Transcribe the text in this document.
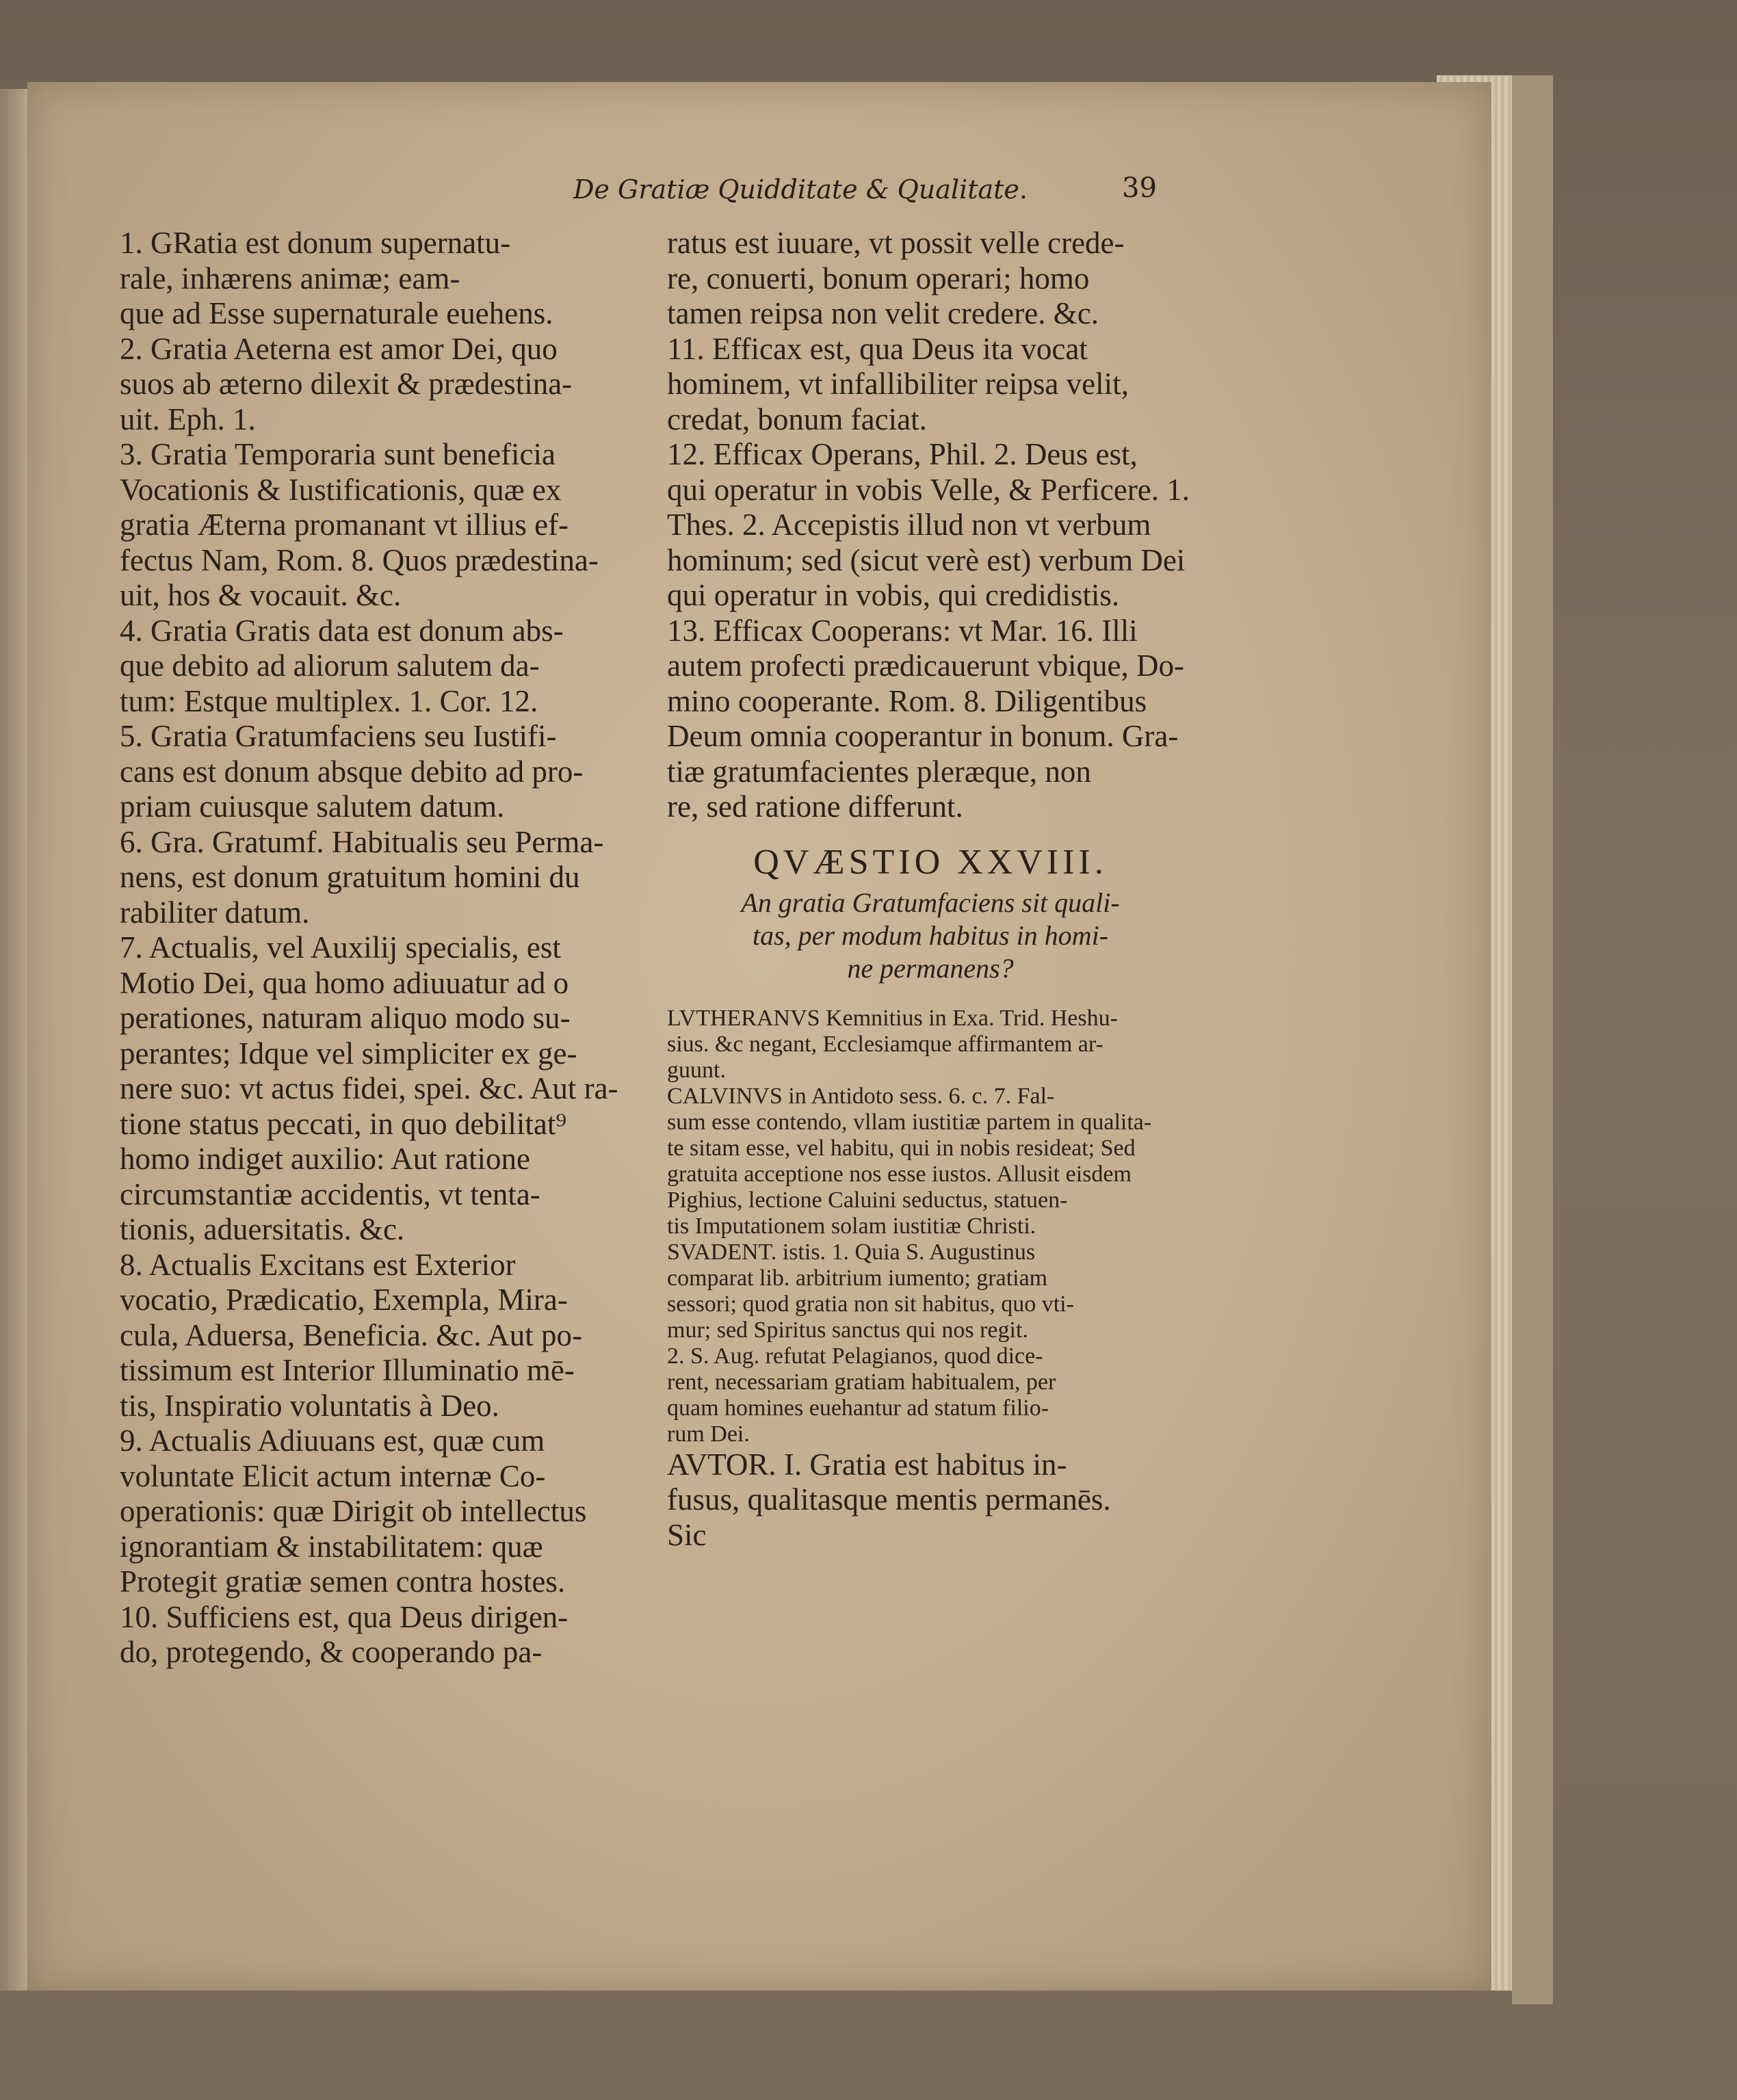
De Gratiæ Quidditate & Qualitate.	39
1. GRatia est donum supernatu-
rale, inhærens animæ; eam-
que ad Esse supernaturale euehens.
2. Gratia Aeterna est amor Dei, quo
suos ab æterno dilexit & prædestina-
uit. Eph. 1.
3. Gratia Temporaria sunt beneficia
Vocationis & Iustificationis, quæ ex
gratia Æterna promanant vt illius ef-
fectus Nam, Rom. 8. Quos prædestina-
uit, hos & vocauit. &c.
4. Gratia Gratis data est donum abs-
que debito ad aliorum salutem da-
tum: Estque multiplex. 1. Cor. 12.
5. Gratia Gratumfaciens seu Iustifi-
cans est donum absque debito ad pro-
priam cuiusque salutem datum.
6. Gra. Gratumf. Habitualis seu Perma-
nens, est donum gratuitum homini du
rabiliter datum.
7. Actualis, vel Auxilij specialis, est
Motio Dei, qua homo adiuuatur ad o
perationes, naturam aliquo modo su-
perantes; Idque vel simpliciter ex ge-
nere suo: vt actus fidei, spei. &c. Aut ra-
tione status peccati, in quo debilitat⁹
homo indiget auxilio: Aut ratione
circumstantiæ accidentis, vt tenta-
tionis, aduersitatis. &c.
8. Actualis Excitans est Exterior
vocatio, Prædicatio, Exempla, Mira-
cula, Aduersa, Beneficia. &c. Aut po-
tissimum est Interior Illuminatio mē-
tis, Inspiratio voluntatis à Deo.
9. Actualis Adiuuans est, quæ cum
voluntate Elicit actum internæ Co-
operationis: quæ Dirigit ob intellectus
ignorantiam & instabilitatem: quæ
Protegit gratiæ semen contra hostes.
10. Sufficiens est, qua Deus dirigen-
do, protegendo, & cooperando pa-
ratus est iuuare, vt possit velle crede-
re, conuerti, bonum operari; homo
tamen reipsa non velit credere. &c.
11. Efficax est, qua Deus ita vocat
hominem, vt infallibiliter reipsa velit,
credat, bonum faciat.
12. Efficax Operans, Phil. 2. Deus est,
qui operatur in vobis Velle, & Perficere. 1.
Thes. 2. Accepistis illud non vt verbum
hominum; sed (sicut verè est) verbum Dei
qui operatur in vobis, qui credidistis.
13. Efficax Cooperans: vt Mar. 16. Illi
autem profecti prædicauerunt vbique, Do-
mino cooperante. Rom. 8. Diligentibus
Deum omnia cooperantur in bonum. Gra-
tiæ gratumfacientes pleræque, non
re, sed ratione differunt.
QVÆSTIO XXVIII.
An gratia Gratumfaciens sit quali-
tas, per modum habitus in homi-
ne permanens?
LVTHERANVS Kemnitius in Exa. Trid. Heshu-
sius. &c negant, Ecclesiamque affirmantem ar-
guunt.
CALVINVS in Antidoto sess. 6. c. 7. Fal-
sum esse contendo, vllam iustitiæ partem in qualita-
te sitam esse, vel habitu, qui in nobis resideat; Sed
gratuita acceptione nos esse iustos. Allusit eisdem
Pighius, lectione Caluini seductus, statuen-
tis Imputationem solam iustitiæ Christi.
SVADENT. istis. 1. Quia S. Augustinus
comparat lib. arbitrium iumento; gratiam
sessori; quod gratia non sit habitus, quo vti-
mur; sed Spiritus sanctus qui nos regit.
2. S. Aug. refutat Pelagianos, quod dice-
rent, necessariam gratiam habitualem, per
quam homines euehantur ad statum filio-
rum Dei.
AVTOR. I. Gratia est habitus in-
fusus, qualitasque mentis permanēs.
Sic
